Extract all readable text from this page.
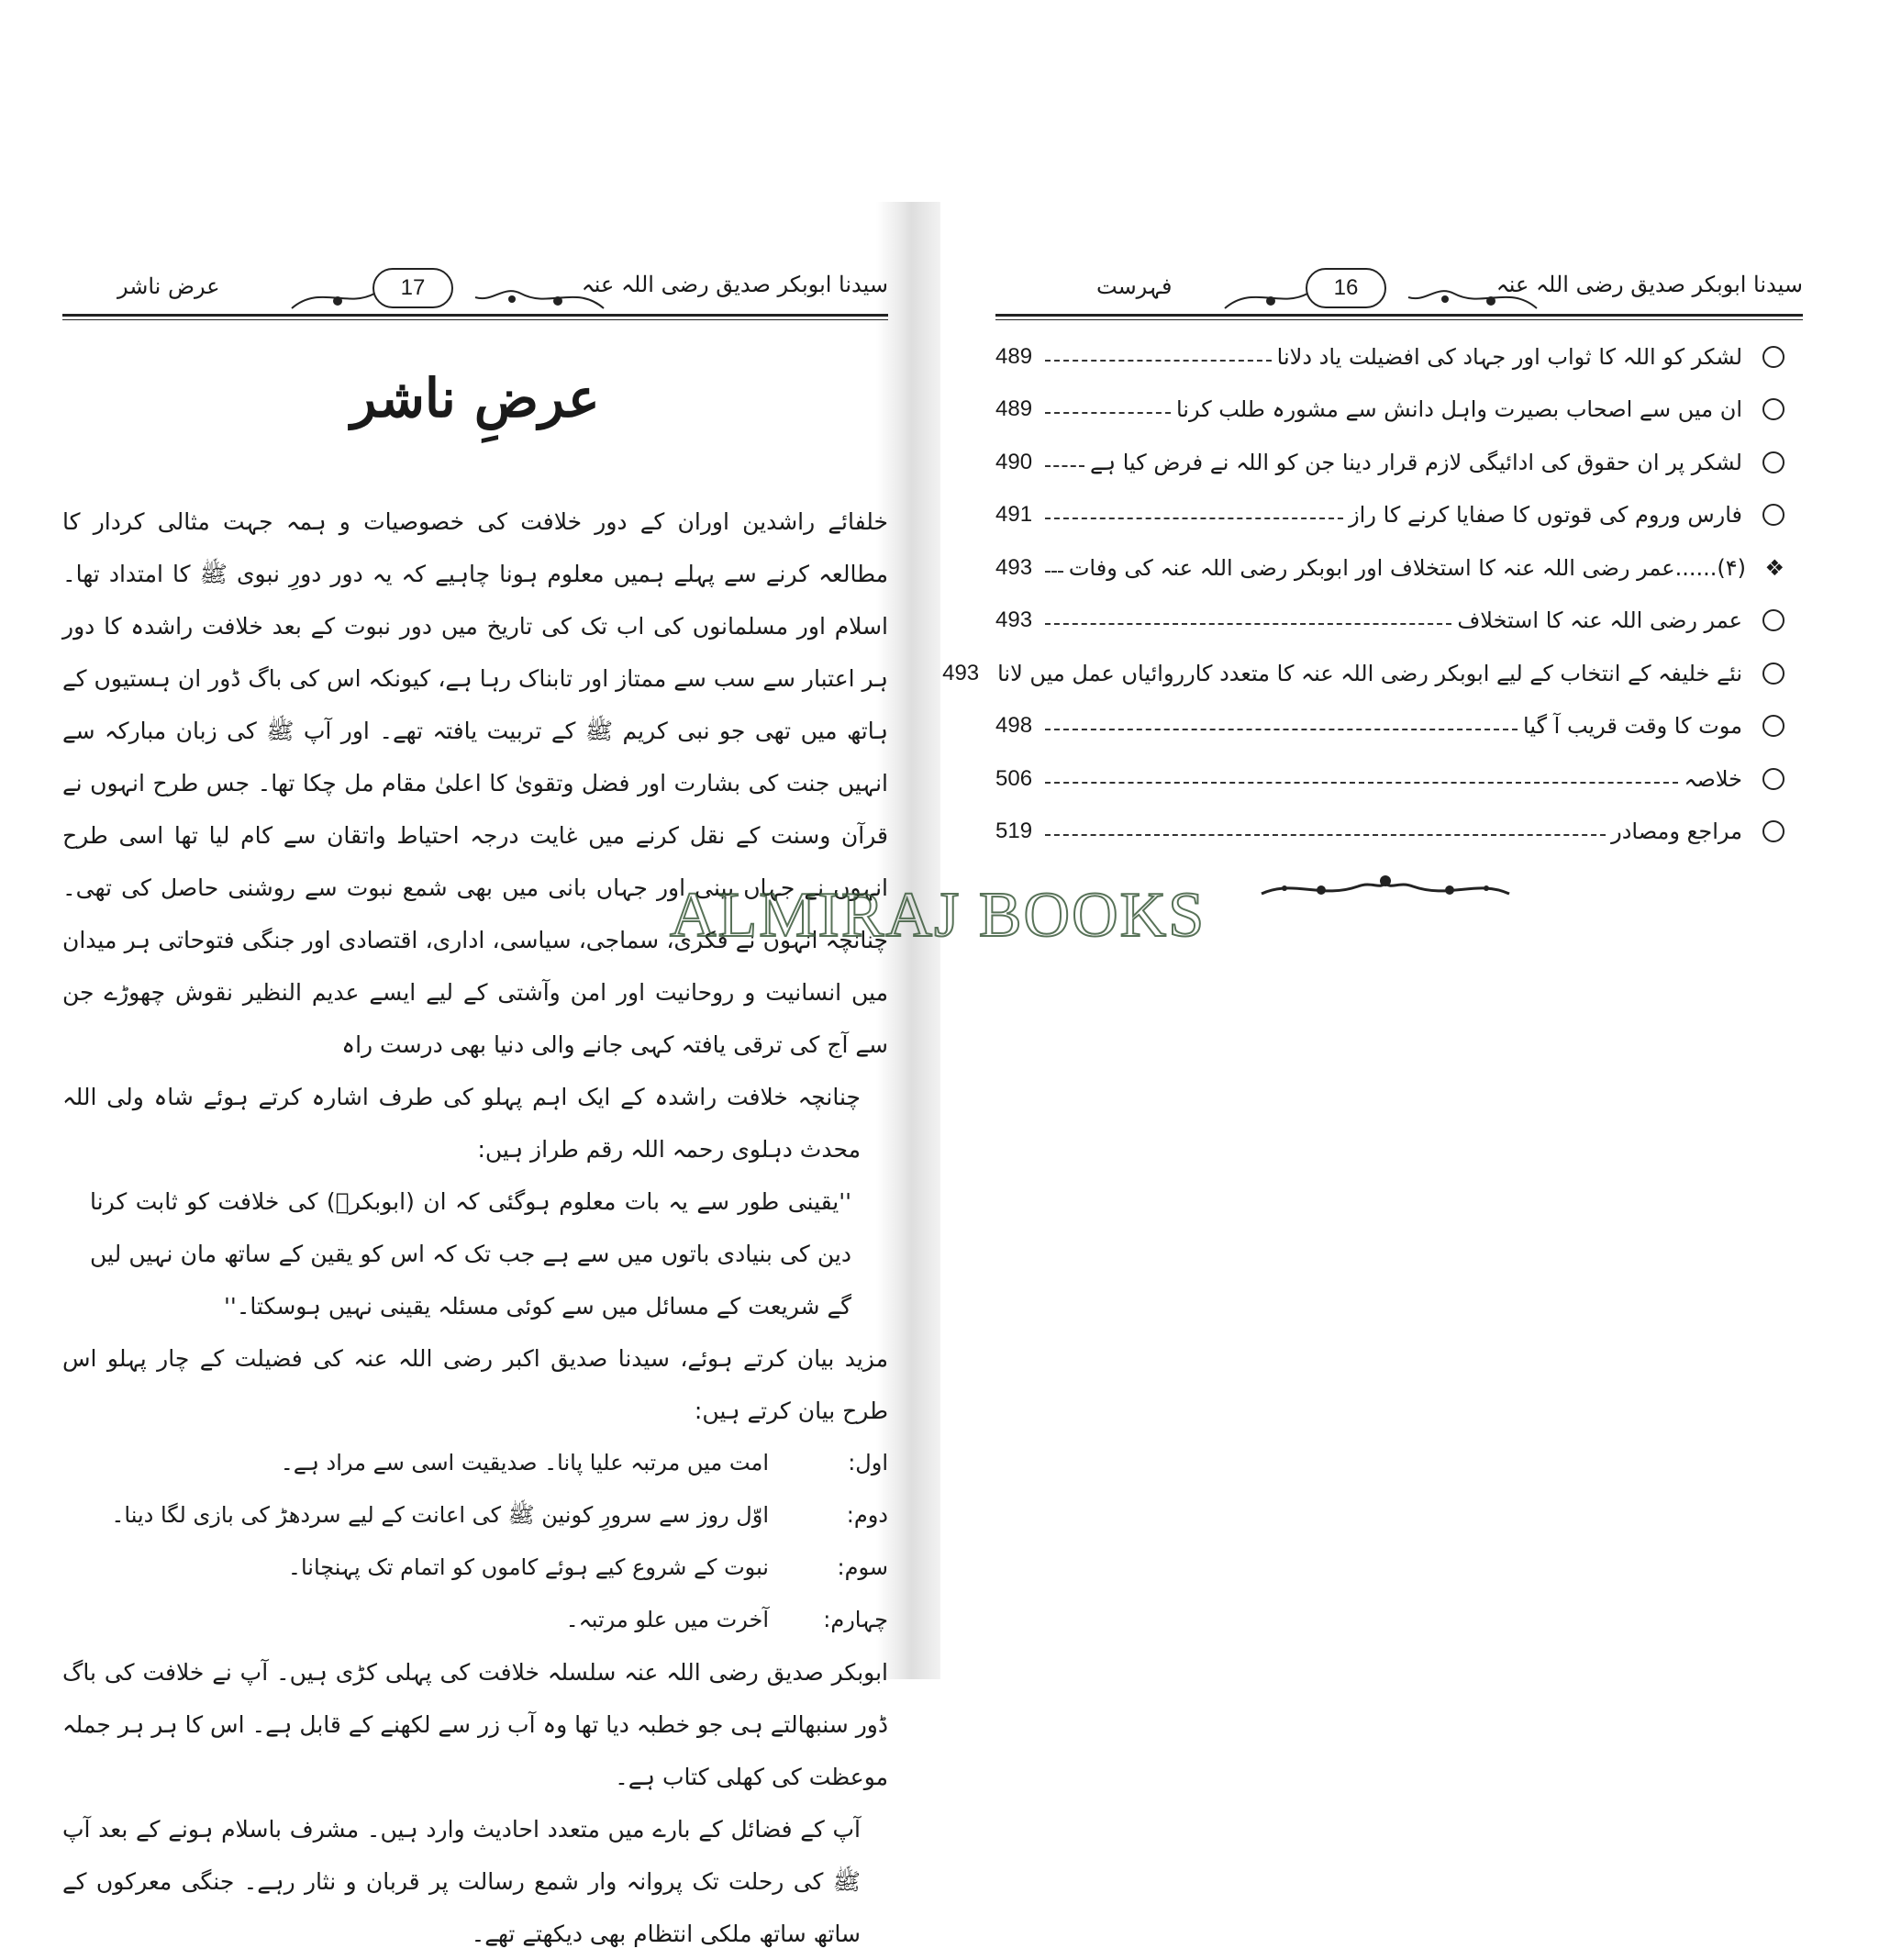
سیدنا ابوبکر صدیق رضی اللہ عنہ
17
عرض ناشر
عرضِ ناشر

خلفائے راشدین اوران کے دور خلافت کی خصوصیات و ہمہ جہت مثالی کردار کا مطالعہ کرنے سے پہلے ہمیں معلوم ہونا چاہیے کہ یہ دور دورِ نبوی ﷺ کا امتداد تھا۔ اسلام اور مسلمانوں کی اب تک کی تاریخ میں دور نبوت کے بعد خلافت راشدہ کا دور ہر اعتبار سے سب سے ممتاز اور تابناک رہا ہے، کیونکہ اس کی باگ ڈور ان ہستیوں کے ہاتھ میں تھی جو نبی کریم ﷺ کے تربیت یافتہ تھے۔ اور آپ ﷺ کی زبان مبارکہ سے انہیں جنت کی بشارت اور فضل وتقویٰ کا اعلیٰ مقام مل چکا تھا۔ جس طرح انہوں نے قرآن وسنت کے نقل کرنے میں غایت درجہ احتیاط واتقان سے کام لیا تھا اسی طرح انہوں نے جہاں بینی اور جہاں بانی میں بھی شمع نبوت سے روشنی حاصل کی تھی۔ چنانچہ انہوں نے فکری، سماجی، سیاسی، اداری، اقتصادی اور جنگی فتوحاتی ہر میدان میں انسانیت و روحانیت اور امن وآشتی کے لیے ایسے عدیم النظیر نقوش چھوڑے جن سے آج کی ترقی یافتہ کہی جانے والی دنیا بھی درست راہ

چنانچہ خلافت راشدہ کے ایک اہم پہلو کی طرف اشارہ کرتے ہوئے شاہ ولی اللہ محدث دہلوی رحمہ اللہ رقم طراز ہیں:

''یقینی طور سے یہ بات معلوم ہوگئی کہ ان (ابوبکرؓ) کی خلافت کو ثابت کرنا دین کی بنیادی باتوں میں سے ہے جب تک کہ اس کو یقین کے ساتھ مان نہیں لیں گے شریعت کے مسائل میں سے کوئی مسئلہ یقینی نہیں ہوسکتا۔''

مزید بیان کرتے ہوئے، سیدنا صدیق اکبر رضی اللہ عنہ کی فضیلت کے چار پہلو اس طرح بیان کرتے ہیں:

اول:
امت میں مرتبہ علیا پانا۔ صدیقیت اسی سے مراد ہے۔
دوم:
اوّل روز سے سرورِ کونین ﷺ کی اعانت کے لیے سردھڑ کی بازی لگا دینا۔
سوم:
نبوت کے شروع کیے ہوئے کاموں کو اتمام تک پہنچانا۔
چہارم:
آخرت میں علو مرتبہ۔

ابوبکر صدیق رضی اللہ عنہ سلسلہ خلافت کی پہلی کڑی ہیں۔ آپ نے خلافت کی باگ ڈور سنبھالتے ہی جو خطبہ دیا تھا وہ آب زر سے لکھنے کے قابل ہے۔ اس کا ہر ہر جملہ موعظت کی کھلی کتاب ہے۔

آپ کے فضائل کے بارے میں متعدد احادیث وارد ہیں۔ مشرف باسلام ہونے کے بعد آپ ﷺ کی رحلت تک پروانہ وار شمع رسالت پر قربان و نثار رہے۔ جنگی معرکوں کے ساتھ ساتھ ملکی انتظام بھی دیکھتے تھے۔

سیدنا ابوبکر صدیق رضی اللہ عنہ
16
فہرست
لشکر کو اللہ کا ثواب اور جہاد کی افضیلت یاد دلانا
489
ان میں سے اصحاب بصیرت واہل دانش سے مشورہ طلب کرنا
489
لشکر پر ان حقوق کی ادائیگی لازم قرار دینا جن کو اللہ نے فرض کیا ہے
490
فارس وروم کی قوتوں کا صفایا کرنے کا راز
491
❖
(۴)......عمر رضی اللہ عنہ کا استخلاف اور ابوبکر رضی اللہ عنہ کی وفات
493
عمر رضی اللہ عنہ کا استخلاف
493
نئے خلیفہ کے انتخاب کے لیے ابوبکر رضی اللہ عنہ کا متعدد کارروائیاں عمل میں لانا
493
موت کا وقت قریب آ گیا
498
خلاصہ
506
مراجع ومصادر
519
ALMIRAJ BOOKS
